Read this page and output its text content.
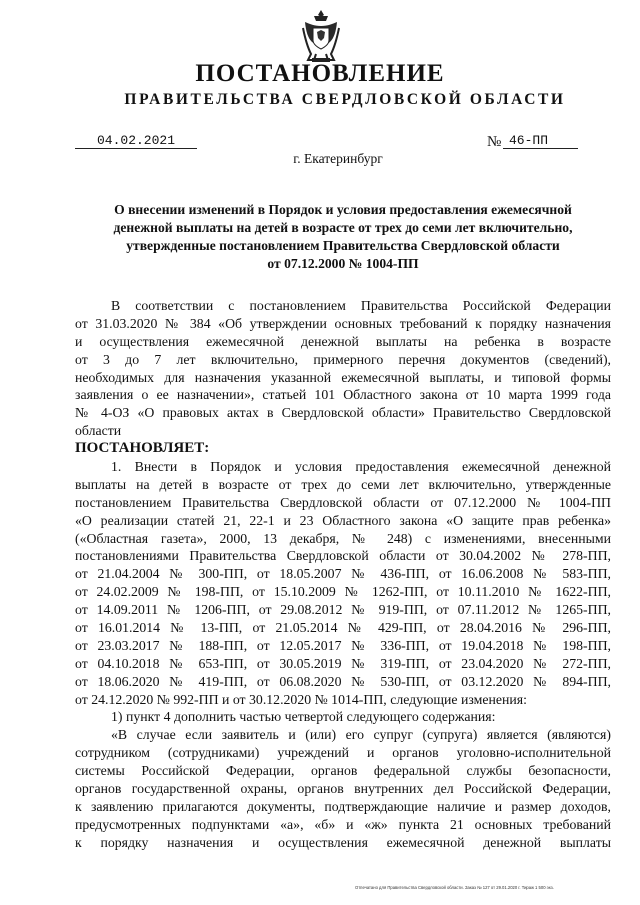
ПОСТАНОВЛЕНИЕ
ПРАВИТЕЛЬСТВА СВЕРДЛОВСКОЙ ОБЛАСТИ
04.02.2021	№ 46-ПП
г. Екатеринбург
О внесении изменений в Порядок и условия предоставления ежемесячной
денежной выплаты на детей в возрасте от трех до семи лет включительно,
утвержденные постановлением Правительства Свердловской области
от 07.12.2000 № 1004-ПП
В соответствии с постановлением Правительства Российской Федерации
от 31.03.2020 № 384 «Об утверждении основных требований к порядку назначения
и осуществления ежемесячной денежной выплаты на ребенка в возрасте
от 3 до 7 лет включительно, примерного перечня документов (сведений),
необходимых для назначения указанной ежемесячной выплаты, и типовой формы
заявления о ее назначении», статьей 101 Областного закона от 10 марта 1999 года
№ 4-ОЗ «О правовых актах в Свердловской области» Правительство Свердловской
области
ПОСТАНОВЛЯЕТ:
1. Внести в Порядок и условия предоставления ежемесячной денежной
выплаты на детей в возрасте от трех до семи лет включительно, утвержденные
постановлением Правительства Свердловской области от 07.12.2000 № 1004-ПП
«О реализации статей 21, 22-1 и 23 Областного закона «О защите прав ребенка»
(«Областная газета», 2000, 13 декабря, № 248) с изменениями, внесенными
постановлениями Правительства Свердловской области от 30.04.2002 № 278-ПП,
от 21.04.2004 № 300-ПП, от 18.05.2007 № 436-ПП, от 16.06.2008 № 583-ПП,
от 24.02.2009 № 198-ПП, от 15.10.2009 № 1262-ПП, от 10.11.2010 № 1622-ПП,
от 14.09.2011 № 1206-ПП, от 29.08.2012 № 919-ПП, от 07.11.2012 № 1265-ПП,
от 16.01.2014 № 13-ПП, от 21.05.2014 № 429-ПП, от 28.04.2016 № 296-ПП,
от 23.03.2017 № 188-ПП, от 12.05.2017 № 336-ПП, от 19.04.2018 № 198-ПП,
от 04.10.2018 № 653-ПП, от 30.05.2019 № 319-ПП, от 23.04.2020 № 272-ПП,
от 18.06.2020 № 419-ПП, от 06.08.2020 № 530-ПП, от 03.12.2020 № 894-ПП,
от 24.12.2020 № 992-ПП и от 30.12.2020 № 1014-ПП, следующие изменения:
1) пункт 4 дополнить частью четвертой следующего содержания:
«В случае если заявитель и (или) его супруг (супруга) является (являются)
сотрудником (сотрудниками) учреждений и органов уголовно-исполнительной
системы Российской Федерации, органов федеральной службы безопасности,
органов государственной охраны, органов внутренних дел Российской Федерации,
к заявлению прилагаются документы, подтверждающие наличие и размер доходов,
предусмотренных подпунктами «а», «б» и «ж» пункта 21 основных требований
к порядку назначения и осуществления ежемесячной денежной выплаты
Отпечатано для Правительства Свердловской области. Заказ № 127 от 29.01.2020 г. Тираж 1 500 экз.
